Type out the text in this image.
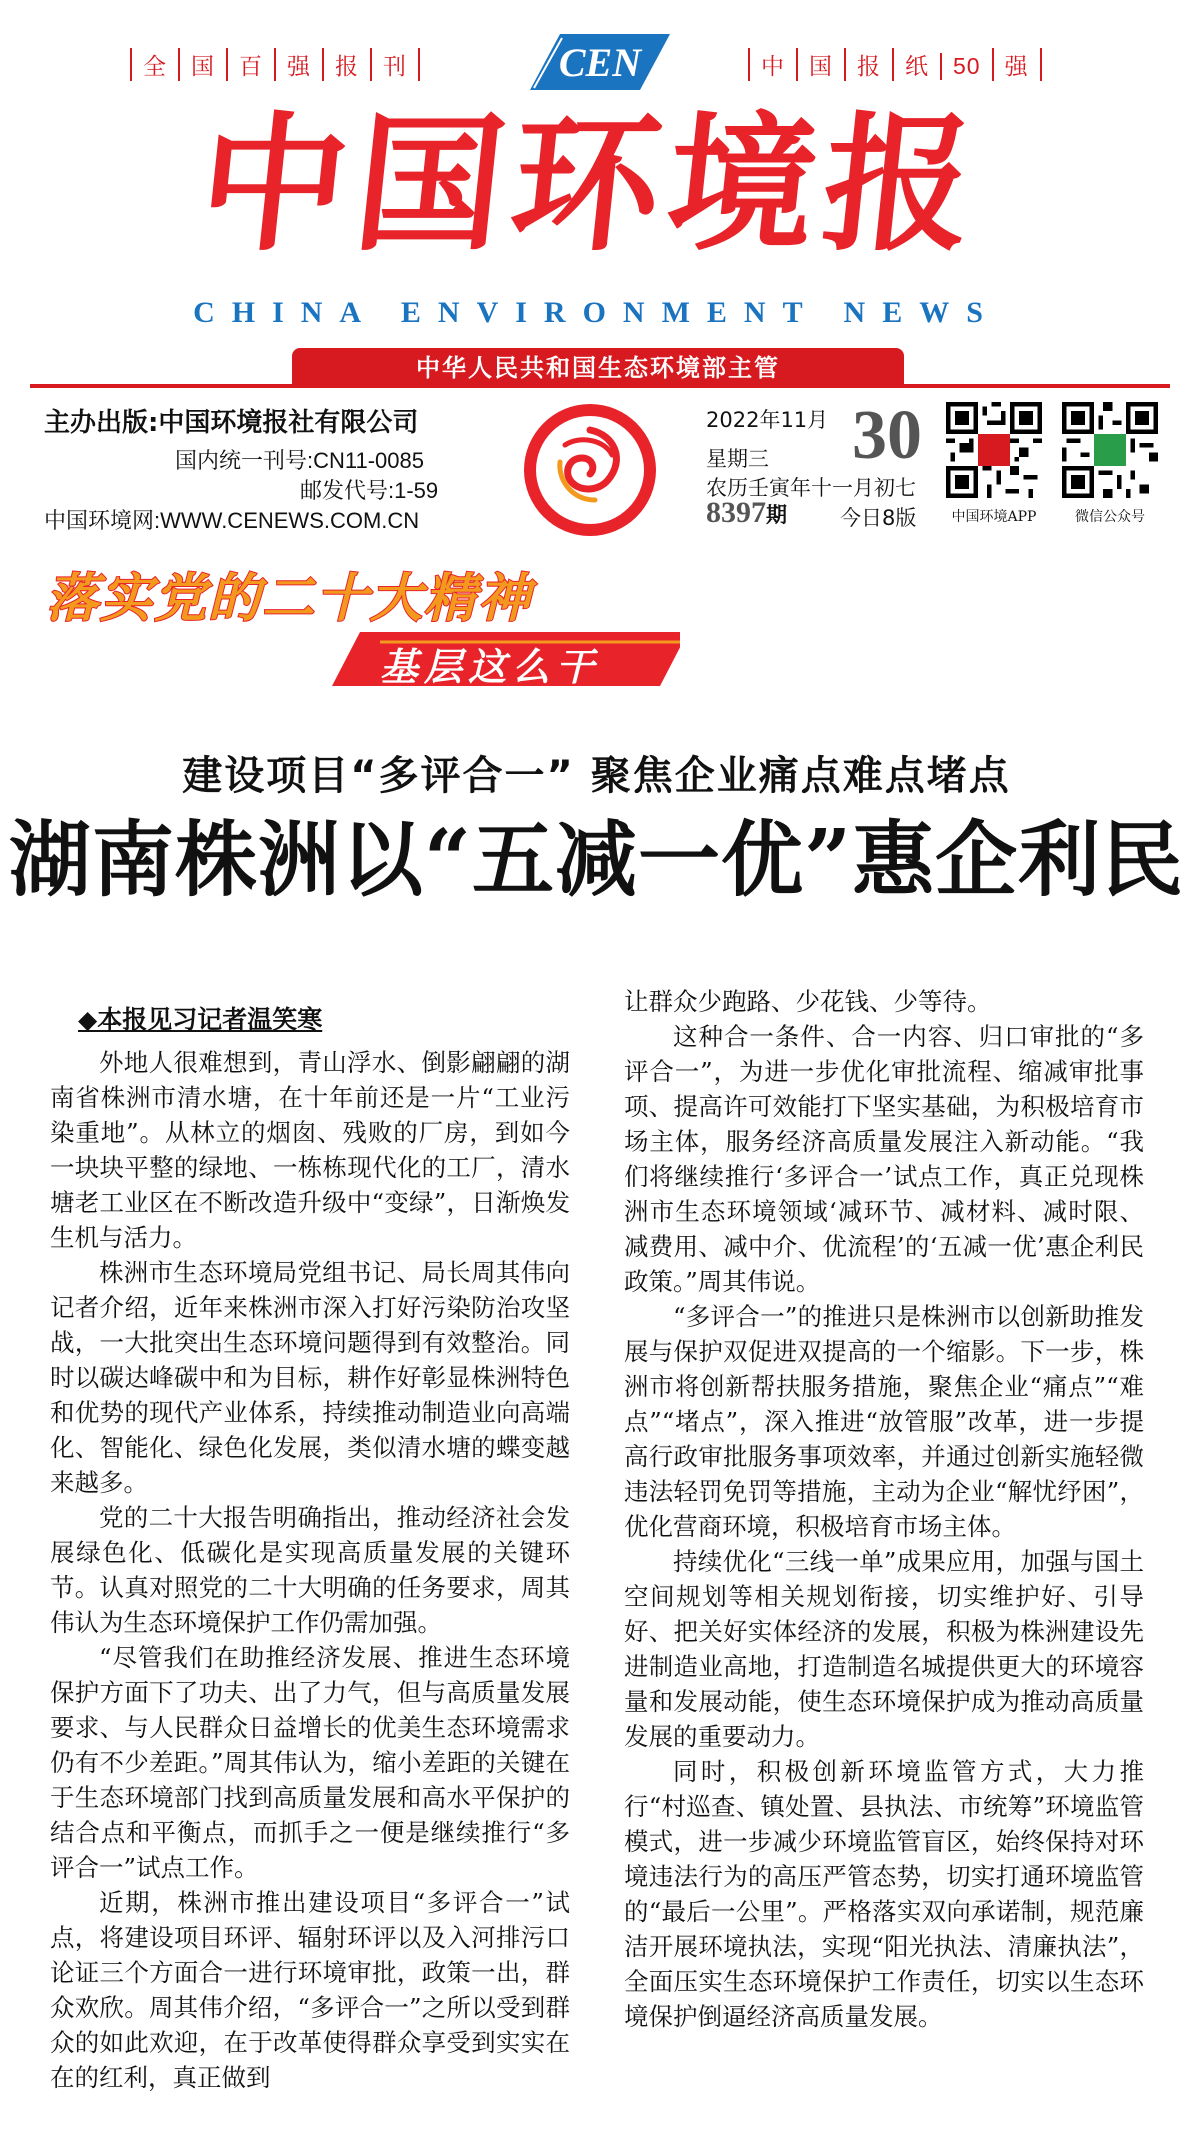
全 国 百 强 报 刊	中 国 报 纸 50 强
CEN
中国环境报
CHINA ENVIRONMENT NEWS
中华人民共和国生态环境部主管
主办出版:中国环境报社有限公司
国内统一刊号:CN11-0085
邮发代号:1-59
中国环境网:WWW.CENEWS.COM.CN
2017 · 中国百强报刊
2022年11月 30
星期三
农历壬寅年十一月初七
8397期	今日8版	中国环境APP	微信公众号
落实党的二十大精神
基层这么干
建设项目“多评合一” 聚焦企业痛点难点堵点
湖南株洲以“五减一优”惠企利民
◆本报见习记者温笑寒

外地人很难想到，青山浮水、倒影翩翩的湖南省株洲市清水塘，在十年前还是一片“工业污染重地”。从林立的烟囱、残败的厂房，到如今一块块平整的绿地、一栋栋现代化的工厂，清水塘老工业区在不断改造升级中“变绿”，日渐焕发生机与活力。

株洲市生态环境局党组书记、局长周其伟向记者介绍，近年来株洲市深入打好污染防治攻坚战，一大批突出生态环境问题得到有效整治。同时以碳达峰碳中和为目标，耕作好彰显株洲特色和优势的现代产业体系，持续推动制造业向高端化、智能化、绿色化发展，类似清水塘的蝶变越来越多。

党的二十大报告明确指出，推动经济社会发展绿色化、低碳化是实现高质量发展的关键环节。认真对照党的二十大明确的任务要求，周其伟认为生态环境保护工作仍需加强。

“尽管我们在助推经济发展、推进生态环境保护方面下了功夫、出了力气，但与高质量发展要求、与人民群众日益增长的优美生态环境需求仍有不少差距。”周其伟认为，缩小差距的关键在于生态环境部门找到高质量发展和高水平保护的结合点和平衡点，而抓手之一便是继续推行“多评合一”试点工作。

近期，株洲市推出建设项目“多评合一”试点，将建设项目环评、辐射环评以及入河排污口论证三个方面合一进行环境审批，政策一出，群众欢欣。周其伟介绍，“多评合一”之所以受到群众的如此欢迎，在于改革使得群众享受到实实在在的红利，真正做到

让群众少跑路、少花钱、少等待。

这种合一条件、合一内容、归口审批的“多评合一”，为进一步优化审批流程、缩减审批事项、提高许可效能打下坚实基础，为积极培育市场主体，服务经济高质量发展注入新动能。“我们将继续推行‘多评合一’试点工作，真正兑现株洲市生态环境领域‘减环节、减材料、减时限、减费用、减中介、优流程’的‘五减一优’惠企利民政策。”周其伟说。

“多评合一”的推进只是株洲市以创新助推发展与保护双促进双提高的一个缩影。下一步，株洲市将创新帮扶服务措施，聚焦企业“痛点”“难点”“堵点”，深入推进“放管服”改革，进一步提高行政审批服务事项效率，并通过创新实施轻微违法轻罚免罚等措施，主动为企业“解忧纾困”，优化营商环境，积极培育市场主体。

持续优化“三线一单”成果应用，加强与国土空间规划等相关规划衔接，切实维护好、引导好、把关好实体经济的发展，积极为株洲建设先进制造业高地，打造制造名城提供更大的环境容量和发展动能，使生态环境保护成为推动高质量发展的重要动力。

同时，积极创新环境监管方式，大力推行“村巡查、镇处置、县执法、市统筹”环境监管模式，进一步减少环境监管盲区，始终保持对环境违法行为的高压严管态势，切实打通环境监管的“最后一公里”。严格落实双向承诺制，规范廉洁开展环境执法，实现“阳光执法、清廉执法”，全面压实生态环境保护工作责任，切实以生态环境保护倒逼经济高质量发展。
